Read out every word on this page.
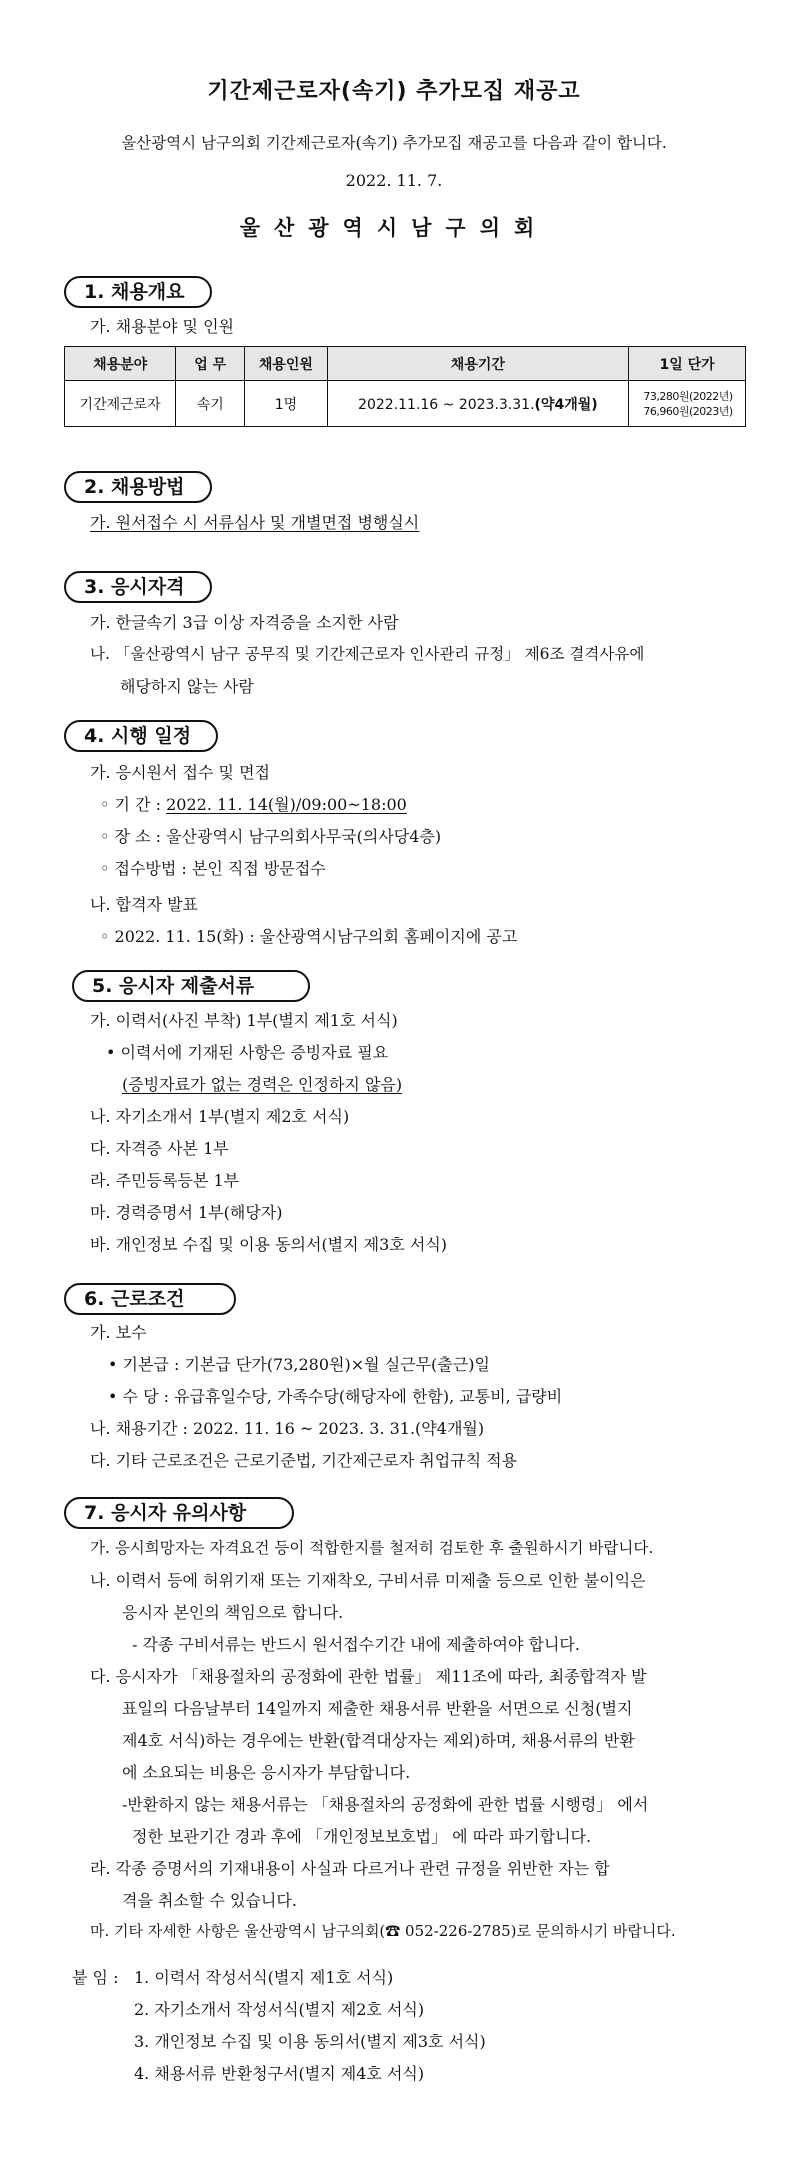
기간제근로자(속기) 추가모집 재공고
울산광역시 남구의회 기간제근로자(속기) 추가모집 재공고를 다음과 같이 합니다.
2022. 11. 7.
울산광역시남구의회
1. 채용개요
가. 채용분야 및 인원
채용분야	업 무	채용인원	채용기간	1일 단가
기간제근로자	속기	1명	2022.11.16 ~ 2023.3.31.(약4개월)	73,280원(2022년)
76,960원(2023년)
2. 채용방법
가. 원서접수 시 서류심사 및 개별면접 병행실시
3. 응시자격
가. 한글속기 3급 이상 자격증을 소지한 사람
나. 「울산광역시 남구 공무직 및 기간제근로자 인사관리 규정」 제6조 결격사유에
해당하지 않는 사람
4. 시행 일정
가. 응시원서 접수 및 면접
◦ 기 간 : 2022. 11. 14(월)/09:00~18:00
◦ 장 소 : 울산광역시 남구의회사무국(의사당4층)
◦ 접수방법 : 본인 직접 방문접수
나. 합격자 발표
◦ 2022. 11. 15(화) : 울산광역시남구의회 홈페이지에 공고
5. 응시자 제출서류
가. 이력서(사진 부착) 1부(별지 제1호 서식)
• 이력서에 기재된 사항은 증빙자료 필요
(증빙자료가 없는 경력은 인정하지 않음)
나. 자기소개서 1부(별지 제2호 서식)
다. 자격증 사본 1부
라. 주민등록등본 1부
마. 경력증명서 1부(해당자)
바. 개인정보 수집 및 이용 동의서(별지 제3호 서식)
6. 근로조건
가. 보수
• 기본급 : 기본급 단가(73,280원)×월 실근무(출근)일
• 수 당 : 유급휴일수당, 가족수당(해당자에 한함), 교통비, 급량비
나. 채용기간 : 2022. 11. 16 ~ 2023. 3. 31.(약4개월)
다. 기타 근로조건은 근로기준법, 기간제근로자 취업규칙 적용
7. 응시자 유의사항
가. 응시희망자는 자격요건 등이 적합한지를 철저히 검토한 후 출원하시기 바랍니다.
나. 이력서 등에 허위기재 또는 기재착오, 구비서류 미제출 등으로 인한 불이익은
응시자 본인의 책임으로 합니다.
- 각종 구비서류는 반드시 원서접수기간 내에 제출하여야 합니다.
다. 응시자가 「채용절차의 공정화에 관한 법률」 제11조에 따라, 최종합격자 발
표일의 다음날부터 14일까지 제출한 채용서류 반환을 서면으로 신청(별지
제4호 서식)하는 경우에는 반환(합격대상자는 제외)하며, 채용서류의 반환
에 소요되는 비용은 응시자가 부담합니다.
-반환하지 않는 채용서류는 「채용절차의 공정화에 관한 법률 시행령」 에서
정한 보관기간 경과 후에 「개인정보보호법」 에 따라 파기합니다.
라. 각종 증명서의 기재내용이 사실과 다르거나 관련 규정을 위반한 자는 합
격을 취소할 수 있습니다.
마. 기타 자세한 사항은 울산광역시 남구의회(☎ 052-226-2785)로 문의하시기 바랍니다.
붙 임 : 1. 이력서 작성서식(별지 제1호 서식)
2. 자기소개서 작성서식(별지 제2호 서식)
3. 개인정보 수집 및 이용 동의서(별지 제3호 서식)
4. 채용서류 반환청구서(별지 제4호 서식)
